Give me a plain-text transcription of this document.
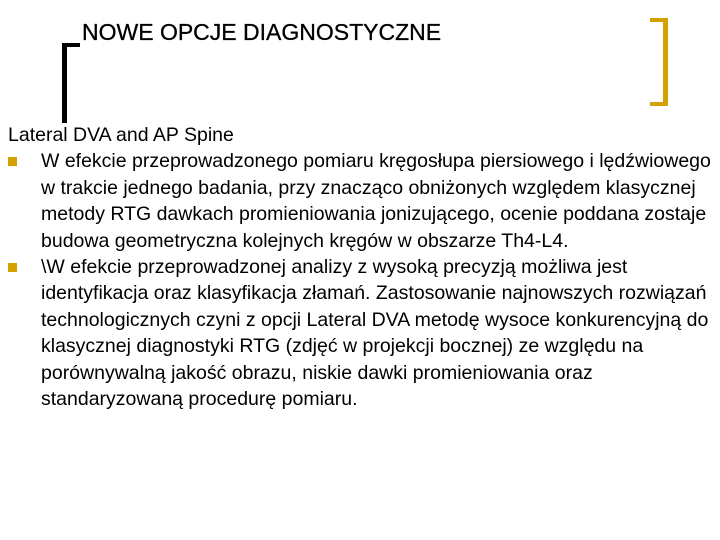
NOWE OPCJE DIAGNOSTYCZNE

Lateral DVA and AP Spine

W efekcie przeprowadzonego pomiaru kręgosłupa piersiowego i lędźwiowego w trakcie jednego badania, przy znacząco obniżonych względem klasycznej metody RTG dawkach promieniowania jonizującego, ocenie poddana zostaje budowa geometryczna kolejnych kręgów w obszarze Th4-L4.
\W efekcie przeprowadzonej analizy z wysoką precyzją możliwa jest identyfikacja oraz klasyfikacja złamań. Zastosowanie najnowszych rozwiązań technologicznych czyni z opcji Lateral DVA metodę wysoce konkurencyjną do klasycznej diagnostyki RTG (zdjęć w projekcji bocznej) ze względu na porównywalną jakość obrazu, niskie dawki promieniowania oraz standaryzowaną procedurę pomiaru.
